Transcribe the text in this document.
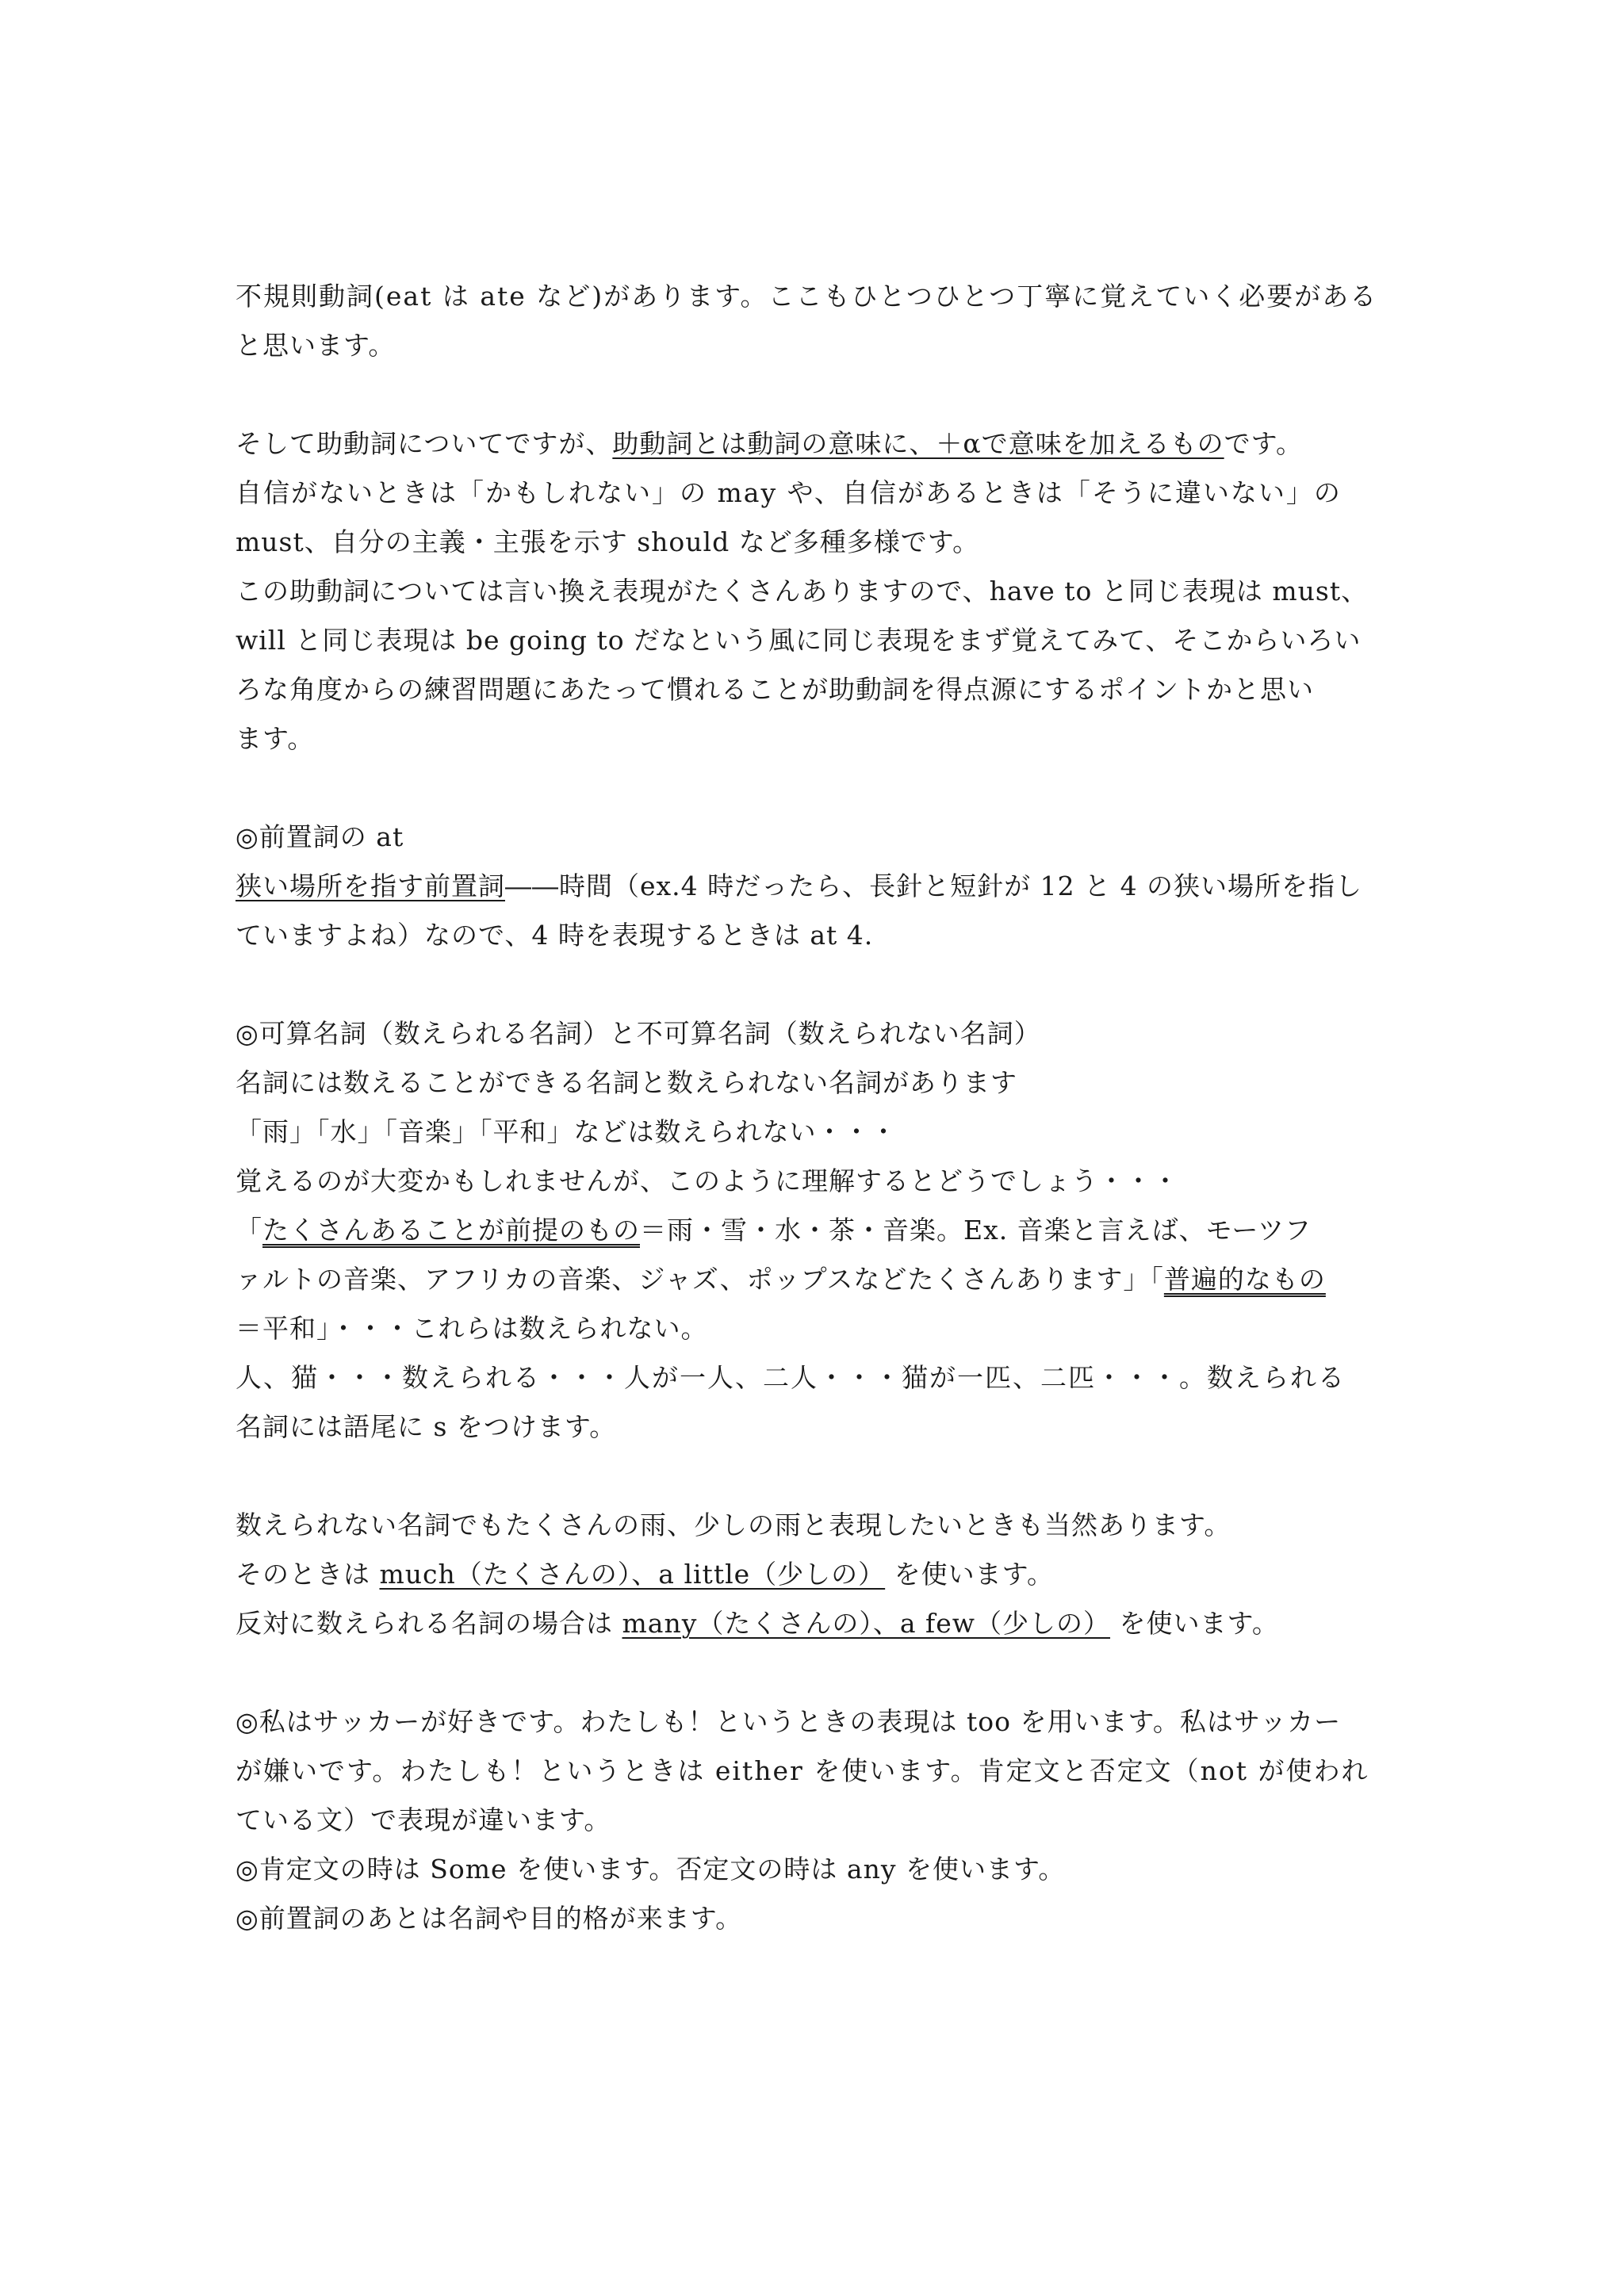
不規則動詞(eat は ate など)があります。ここもひとつひとつ丁寧に覚えていく必要がある
と思います。
そして助動詞についてですが、助動詞とは動詞の意味に、＋αで意味を加えるものです。
自信がないときは「かもしれない」の may や、自信があるときは「そうに違いない」の
must、自分の主義・主張を示す should など多種多様です。
この助動詞については言い換え表現がたくさんありますので、have to と同じ表現は must、
will と同じ表現は be going to だなという風に同じ表現をまず覚えてみて、そこからいろい
ろな角度からの練習問題にあたって慣れることが助動詞を得点源にするポイントかと思い
ます。
◎前置詞の at
狭い場所を指す前置詞――時間（ex.4 時だったら、長針と短針が 12 と 4 の狭い場所を指し
ていますよね）なので、4 時を表現するときは at 4.
◎可算名詞（数えられる名詞）と不可算名詞（数えられない名詞）
名詞には数えることができる名詞と数えられない名詞があります
「雨」「水」「音楽」「平和」などは数えられない・・・
覚えるのが大変かもしれませんが、このように理解するとどうでしょう・・・
「たくさんあることが前提のもの＝雨・雪・水・茶・音楽。Ex. 音楽と言えば、モーツフ
ァルトの音楽、アフリカの音楽、ジャズ、ポップスなどたくさんあります」「普遍的なもの
＝平和」・・・これらは数えられない。
人、猫・・・数えられる・・・人が一人、二人・・・猫が一匹、二匹・・・。数えられる
名詞には語尾に s をつけます。
数えられない名詞でもたくさんの雨、少しの雨と表現したいときも当然あります。
そのときは much（たくさんの）、a little（少しの） を使います。
反対に数えられる名詞の場合は many（たくさんの）、a few（少しの） を使います。
◎私はサッカーが好きです。わたしも！というときの表現は too を用います。私はサッカー
が嫌いです。わたしも！というときは either を使います。肯定文と否定文（not が使われ
ている文）で表現が違います。
◎肯定文の時は Some を使います。否定文の時は any を使います。
◎前置詞のあとは名詞や目的格が来ます。
